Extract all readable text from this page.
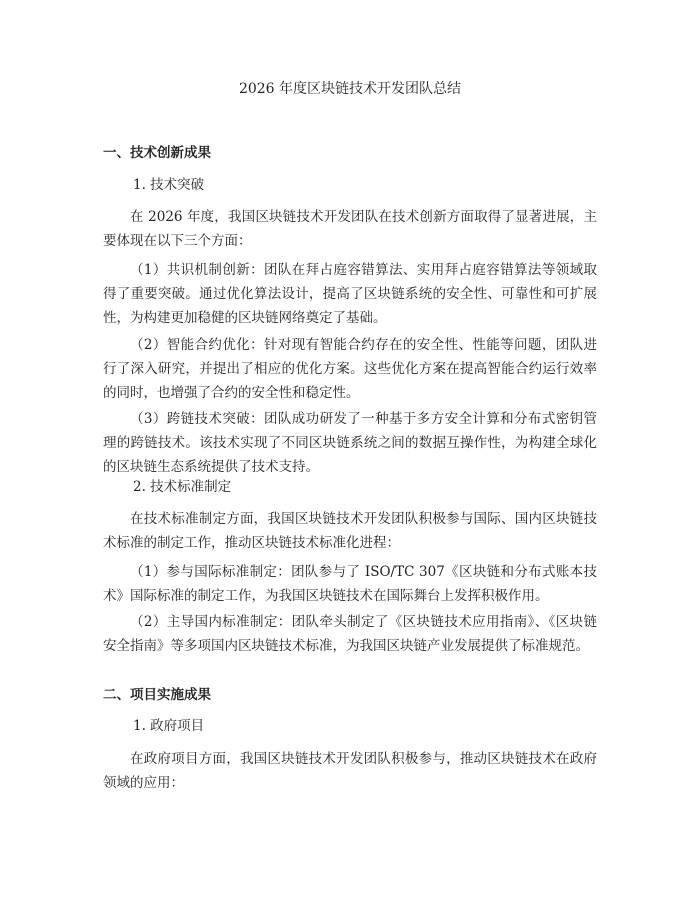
2026 年度区块链技术开发团队总结
一、技术创新成果
1. 技术突破

在 2026 年度，我国区块链技术开发团队在技术创新方面取得了显著进展，主要体现在以下三个方面：

（1）共识机制创新：团队在拜占庭容错算法、实用拜占庭容错算法等领域取得了重要突破。通过优化算法设计，提高了区块链系统的安全性、可靠性和可扩展性，为构建更加稳健的区块链网络奠定了基础。

（2）智能合约优化：针对现有智能合约存在的安全性、性能等问题，团队进行了深入研究，并提出了相应的优化方案。这些优化方案在提高智能合约运行效率的同时，也增强了合约的安全性和稳定性。

（3）跨链技术突破：团队成功研发了一种基于多方安全计算和分布式密钥管理的跨链技术。该技术实现了不同区块链系统之间的数据互操作性，为构建全球化的区块链生态系统提供了技术支持。

2. 技术标准制定

在技术标准制定方面，我国区块链技术开发团队积极参与国际、国内区块链技术标准的制定工作，推动区块链技术标准化进程：

（1）参与国际标准制定：团队参与了 ISO/TC 307《区块链和分布式账本技术》国际标准的制定工作，为我国区块链技术在国际舞台上发挥积极作用。

（2）主导国内标准制定：团队牵头制定了《区块链技术应用指南》、《区块链安全指南》等多项国内区块链技术标准，为我国区块链产业发展提供了标准规范。

二、项目实施成果
1. 政府项目

在政府项目方面，我国区块链技术开发团队积极参与，推动区块链技术在政府领域的应用：
